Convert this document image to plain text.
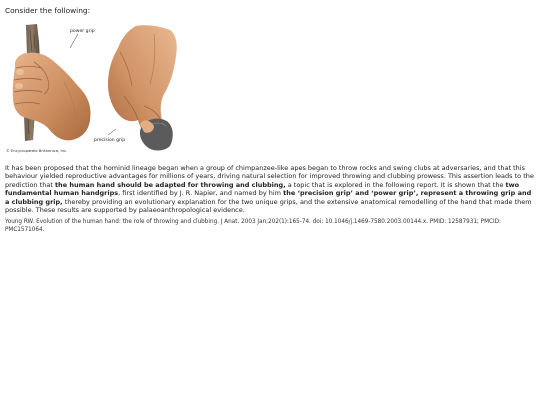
Consider the following:
power grip
precision grip
© Encyclopædia Britannica, Inc.

It has been proposed that the hominid lineage began when a group of chimpanzee-like apes began to throw rocks and swing clubs at adversaries, and that this behaviour yielded reproductive advantages for millions of years, driving natural selection for improved throwing and clubbing prowess. This assertion leads to the prediction that the human hand should be adapted for throwing and clubbing, a topic that is explored in the following report. It is shown that the two fundamental human handgrips, first identified by J. R. Napier, and named by him the ‘precision grip’ and ‘power grip’, represent a throwing grip and a clubbing grip, thereby providing an evolutionary explanation for the two unique grips, and the extensive anatomical remodelling of the hand that made them possible. These results are supported by palaeoanthropological evidence.

Young RW. Evolution of the human hand: the role of throwing and clubbing. J Anat. 2003 Jan;202(1):165-74. doi: 10.1046/j.1469-7580.2003.00144.x. PMID: 12587931; PMCID: PMC1571064.
